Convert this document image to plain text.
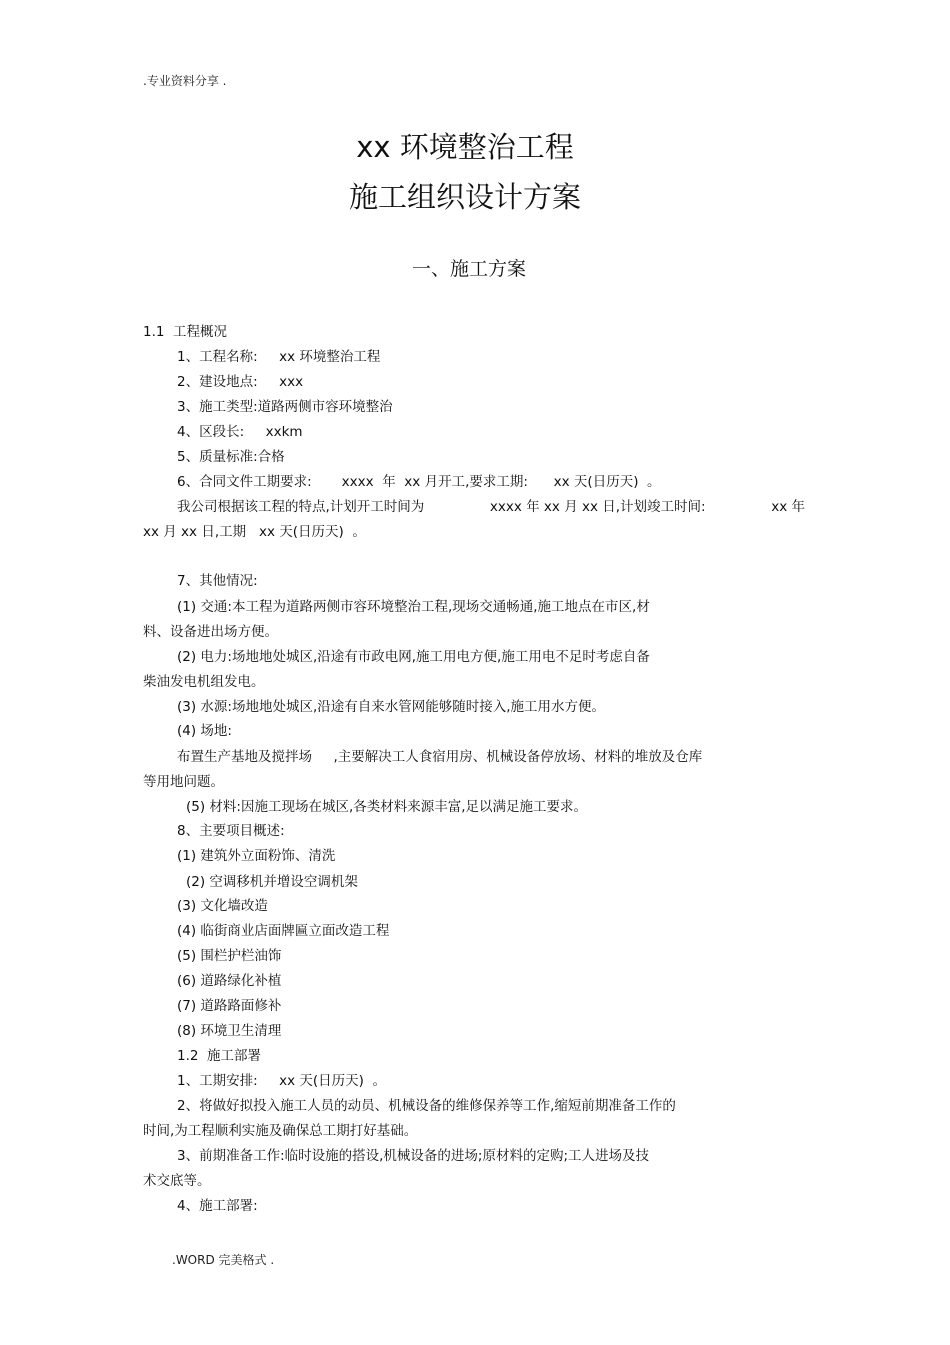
.专业资料分享 .
xx 环境整治工程
施工组织设计方案
一、施工方案
1.1  工程概况
1、工程名称:     xx 环境整治工程
2、建设地点:     xxx
3、施工类型:道路两侧市容环境整治
4、区段长:     xxkm
5、质量标准:合格
6、合同文件工期要求:       xxxx  年  xx 月开工,要求工期:      xx 天(日历天)  。
我公司根据该工程的特点,计划开工时间为	xxxx 年 xx 月 xx 日,计划竣工时间:	xx 年
xx 月 xx 日,工期   xx 天(日历天)  。
7、其他情况:
(1) 交通:本工程为道路两侧市容环境整治工程,现场交通畅通,施工地点在市区,材
料、设备进出场方便。
(2) 电力:场地地处城区,沿途有市政电网,施工用电方便,施工用电不足时考虑自备
柴油发电机组发电。
(3) 水源:场地地处城区,沿途有自来水管网能够随时接入,施工用水方便。
(4) 场地:
布置生产基地及搅拌场     ,主要解决工人食宿用房、机械设备停放场、材料的堆放及仓库
等用地问题。
(5) 材料:因施工现场在城区,各类材料来源丰富,足以满足施工要求。
8、主要项目概述:
(1) 建筑外立面粉饰、清洗
(2) 空调移机并增设空调机架
(3) 文化墙改造
(4) 临街商业店面牌匾立面改造工程
(5) 围栏护栏油饰
(6) 道路绿化补植
(7) 道路路面修补
(8) 环境卫生清理
1.2  施工部署
1、工期安排:     xx 天(日历天)  。
2、将做好拟投入施工人员的动员、机械设备的维修保养等工作,缩短前期准备工作的
时间,为工程顺利实施及确保总工期打好基础。
3、前期准备工作:临时设施的搭设,机械设备的进场;原材料的定购;工人进场及技
术交底等。
4、施工部署:
.WORD 完美格式 .
